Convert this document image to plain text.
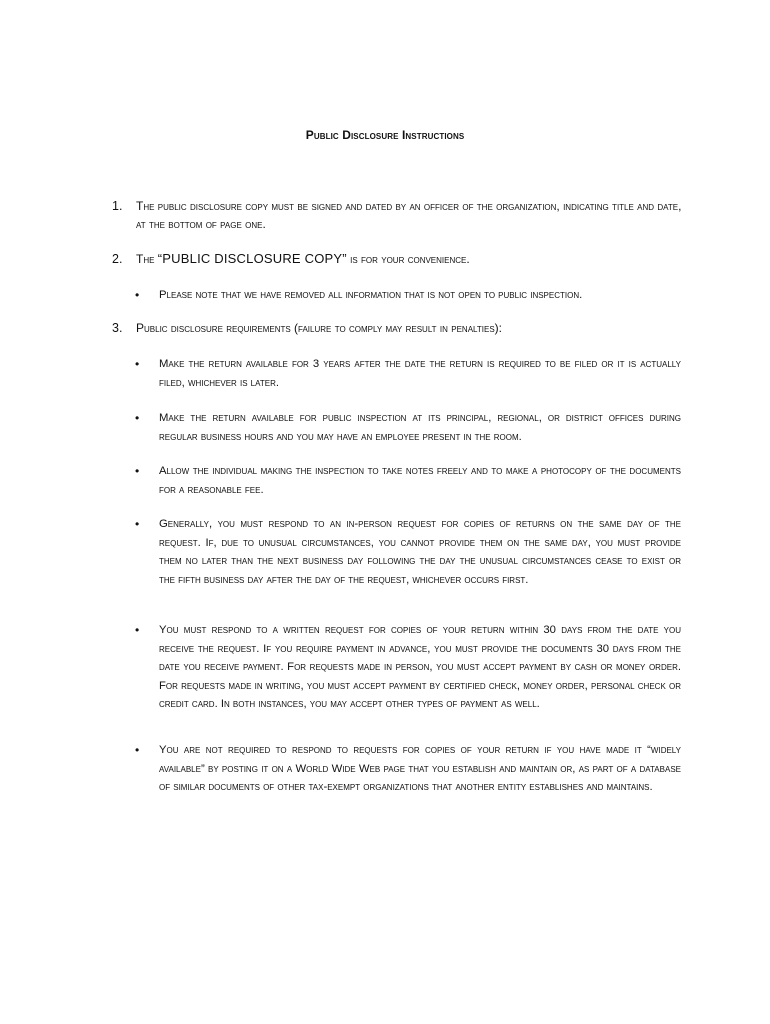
Public Disclosure Instructions
1. The public disclosure copy must be signed and dated by an officer of the organization, indicating title and date, at the bottom of page one.
2. The “PUBLIC DISCLOSURE COPY” is for your convenience.
• Please note that we have removed all information that is not open to public inspection.
3. Public disclosure requirements (failure to comply may result in penalties):
• Make the return available for 3 years after the date the return is required to be filed or it is actually filed, whichever is later.
• Make the return available for public inspection at its principal, regional, or district offices during regular business hours and you may have an employee present in the room.
• Allow the individual making the inspection to take notes freely and to make a photocopy of the documents for a reasonable fee.
• Generally, you must respond to an in-person request for copies of returns on the same day of the request. If, due to unusual circumstances, you cannot provide them on the same day, you must provide them no later than the next business day following the day the unusual circumstances cease to exist or the fifth business day after the day of the request, whichever occurs first.
• You must respond to a written request for copies of your return within 30 days from the date you receive the request. If you require payment in advance, you must provide the documents 30 days from the date you receive payment. For requests made in person, you must accept payment by cash or money order. For requests made in writing, you must accept payment by certified check, money order, personal check or credit card. In both instances, you may accept other types of payment as well.
• You are not required to respond to requests for copies of your return if you have made it “widely available” by posting it on a World Wide Web page that you establish and maintain or, as part of a database of similar documents of other tax-exempt organizations that another entity establishes and maintains.
